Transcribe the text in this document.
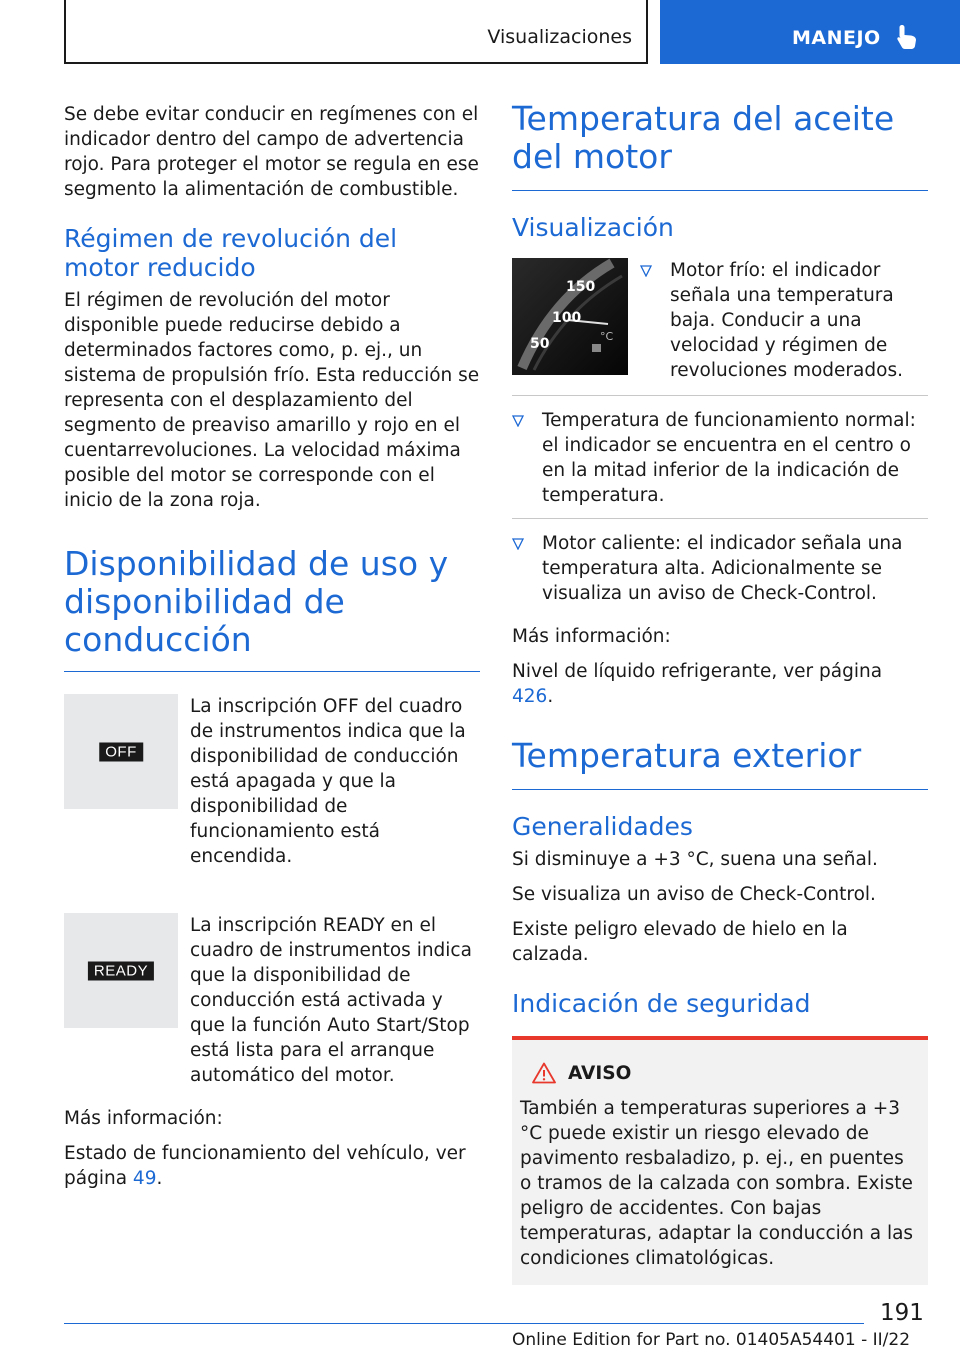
Visualizaciones	MANEJO

Se debe evitar conducir en regímenes con el indicador dentro del campo de advertencia rojo. Para proteger el motor se regula en ese segmento la alimentación de combustible.

Régimen de revolución del motor reducido

El régimen de revolución del motor disponible puede reducirse debido a determinados factores como, p. ej., un sistema de propulsión frío. Esta reducción se representa con el desplazamiento del segmento de preaviso amarillo y rojo en el cuentarrevoluciones. La velocidad máxima posible del motor se corresponde con el inicio de la zona roja.

Disponibilidad de uso y disponibilidad de conducción
OFF

La inscripción OFF del cuadro de instrumentos indica que la disponibilidad de conducción está apagada y que la disponibilidad de funcionamiento está encendida.

READY

La inscripción READY en el cuadro de instrumentos indica que la disponibilidad de conducción está activada y que la función Auto Start/Stop está lista para el arranque automático del motor.

Más información:

Estado de funcionamiento del vehículo, ver página 49.

Temperatura del aceite del motor
Visualización
150
100
50	°C
Motor frío: el indicador señala una temperatura baja. Conducir a una velocidad y régimen de revoluciones moderados.
Temperatura de funcionamiento normal: el indicador se encuentra en el centro o en la mitad inferior de la indicación de temperatura.
Motor caliente: el indicador señala una temperatura alta. Adicionalmente se visualiza un aviso de Check-Control.

Más información:

Nivel de líquido refrigerante, ver página 426.

Temperatura exterior
Generalidades

Si disminuye a +3 °C, suena una señal.

Se visualiza un aviso de Check-Control.

Existe peligro elevado de hielo en la calzada.

Indicación de seguridad
AVISO

También a temperaturas superiores a +3 °C puede existir un riesgo elevado de pavimento resbaladizo, p. ej., en puentes o tramos de la calzada con sombra. Existe peligro de accidentes. Con bajas temperaturas, adaptar la conducción a las condiciones climatológicas.

191
Online Edition for Part no. 01405A54401 - II/22
